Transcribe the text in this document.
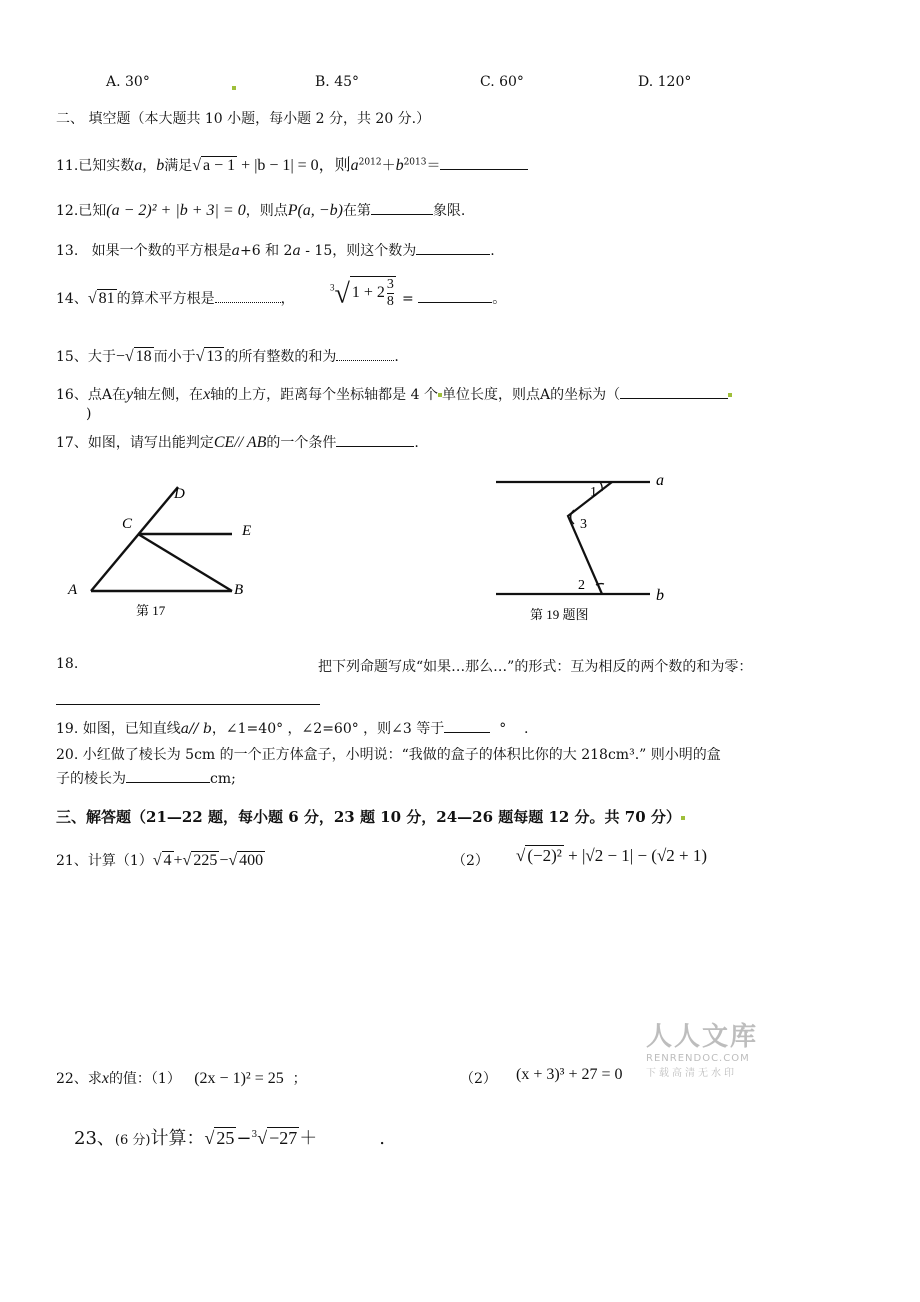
A. 30°	B. 45°	C. 60°	D. 120°
二、 填空题（本大题共 10 小题，每小题 2 分，共 20 分.）
11.已知实数a，b满足√ a − 1 + |b − 1| = 0，则$a^{2012}+b^{2013}=$
12.已知(a − 2)² + |b + 3| = 0，则点P(a, −b)在第	象限.
13. 如果一个数的平方根是a+6 和 2a - 15，则这个数为	.
14、√ 81 的算术平方根是	，
$^3$√ $1 + 2 \frac{3}{8}$ =	。
15、大于−√ 18 而小于√ 13 的所有整数的和为	.
16、点A在y轴左侧，在x轴的上方，距离每个坐标轴都是 4 个 单位长度，则点A的坐标为（
)
17、如图，请写出能判定CE// AB的一个条件	.
D
C	E
A	B
第 17
1
3
2
a
b
第 19 题图
18.	把下列命题写成“如果…那么…”的形式：互为相反的两个数的和为零：
19. 如图，已知直线a// b，∠1=40° ，∠2=60° ，则∠3 等于	° .
20. 小红做了棱长为 5cm 的一个正方体盒子，小明说：“我做的盒子的体积比你的大 218cm³.” 则小明的盒
子的棱长为	cm;
三、解答题（21—22 题，每小题 6 分，23 题 10 分，24—26 题每题 12 分。共 70 分）
21、计算（1）√ 4 +√ 225 −√ 400	（2） √ (−2)² + |√2 − 1| − (√2 + 1)
人人文库
RENRENDOC.COM
下载高清无水印
22、求x的值：（1） (2x − 1)² = 25 ；	（2） (x + 3)³ + 27 = 0
23、(6 分)计算：√ 25 −$^3$√ −27 ＋	.
